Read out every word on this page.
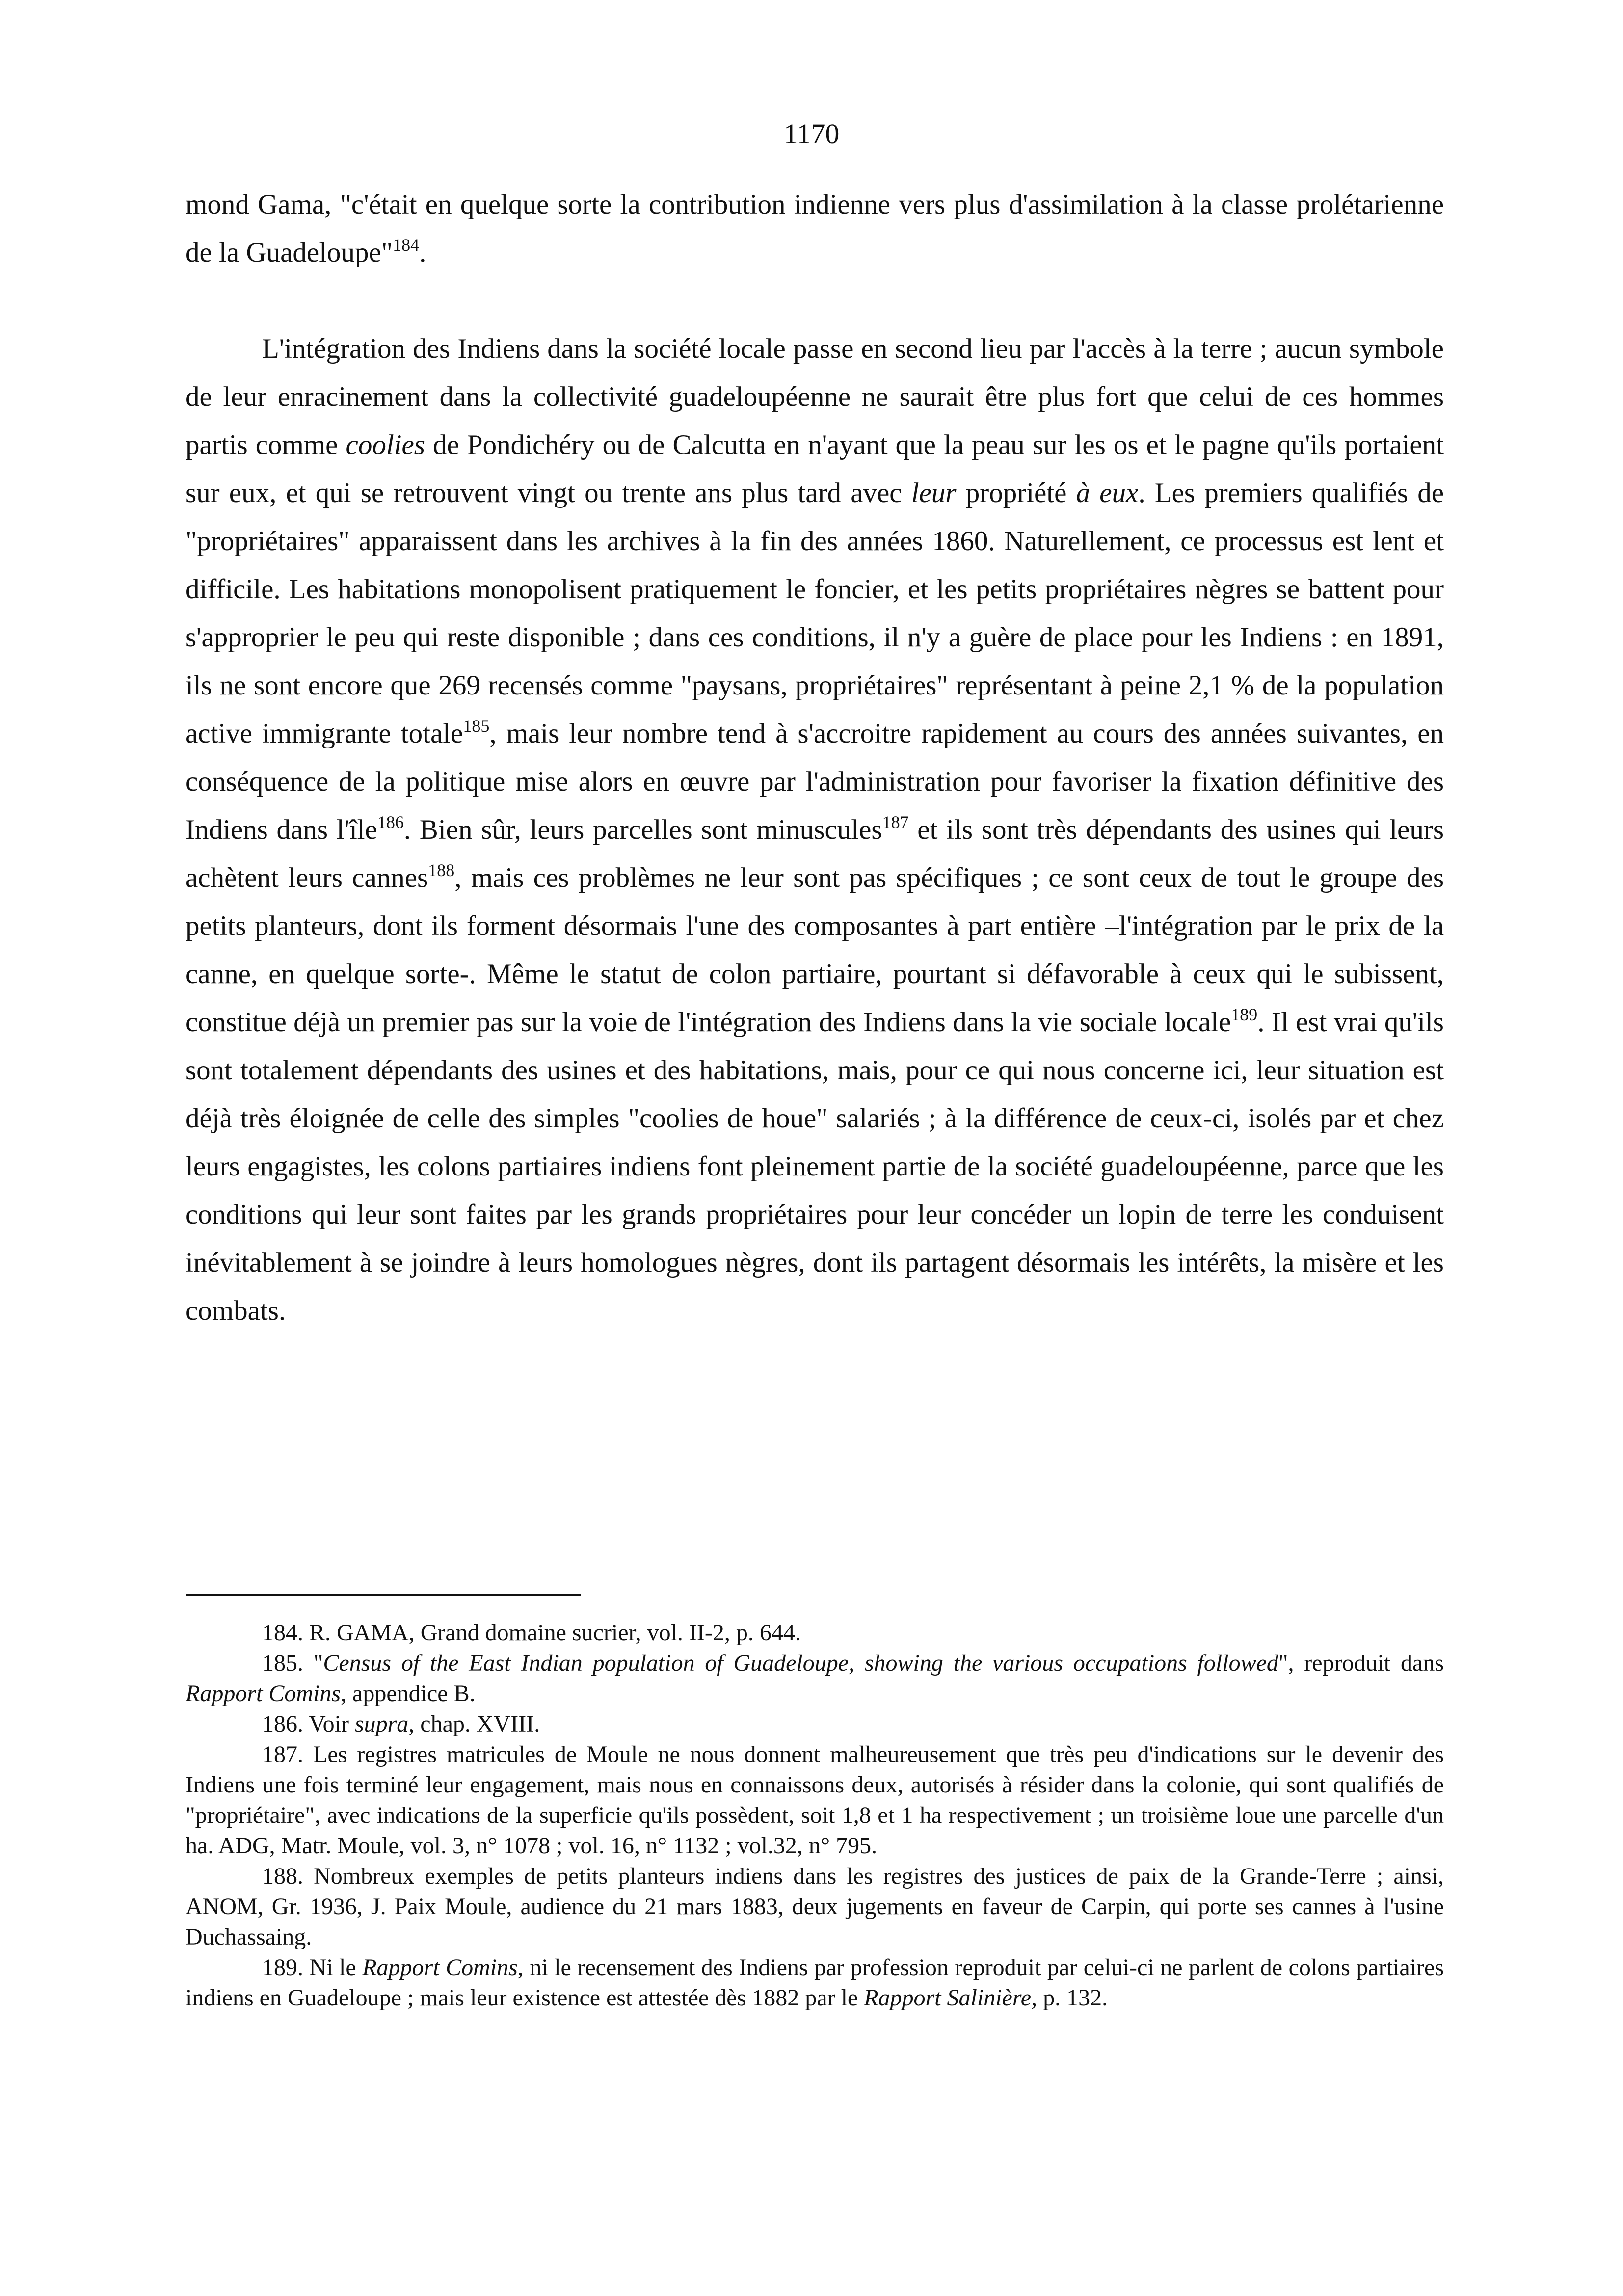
1170

mond Gama, "c'était en quelque sorte la contribution indienne vers plus d'assimilation à la classe prolétarienne de la Guadeloupe"$^{184}$.

L'intégration des Indiens dans la société locale passe en second lieu par l'accès à la terre ; aucun symbole de leur enracinement dans la collectivité guadeloupéenne ne saurait être plus fort que celui de ces hommes partis comme coolies de Pondichéry ou de Calcutta en n'ayant que la peau sur les os et le pagne qu'ils portaient sur eux, et qui se retrouvent vingt ou trente ans plus tard avec leur propriété à eux. Les premiers qualifiés de "propriétaires" apparaissent dans les archives à la fin des années 1860. Naturellement, ce processus est lent et difficile. Les habitations monopolisent pratiquement le foncier, et les petits propriétaires nègres se battent pour s'approprier le peu qui reste disponible ; dans ces conditions, il n'y a guère de place pour les Indiens : en 1891, ils ne sont encore que 269 recensés comme "paysans, propriétaires" représentant à peine 2,1 % de la population active immigrante totale$^{185}$, mais leur nombre tend à s'accroitre rapidement au cours des années suivantes, en conséquence de la politique mise alors en œuvre par l'administration pour favoriser la fixation définitive des Indiens dans l'île$^{186}$. Bien sûr, leurs parcelles sont minuscules$^{187}$ et ils sont très dépendants des usines qui leurs achètent leurs cannes$^{188}$, mais ces problèmes ne leur sont pas spécifiques ; ce sont ceux de tout le groupe des petits planteurs, dont ils forment désormais l'une des composantes à part entière –l'intégration par le prix de la canne, en quelque sorte-. Même le statut de colon partiaire, pourtant si défavorable à ceux qui le subissent, constitue déjà un premier pas sur la voie de l'intégration des Indiens dans la vie sociale locale$^{189}$. Il est vrai qu'ils sont totalement dépendants des usines et des habitations, mais, pour ce qui nous concerne ici, leur situation est déjà très éloignée de celle des simples "coolies de houe" salariés ; à la différence de ceux-ci, isolés par et chez leurs engagistes, les colons partiaires indiens font pleinement partie de la société guadeloupéenne, parce que les conditions qui leur sont faites par les grands propriétaires pour leur concéder un lopin de terre les conduisent inévitablement à se joindre à leurs homologues nègres, dont ils partagent désormais les intérêts, la misère et les combats.

184. R. GAMA, Grand domaine sucrier, vol. II-2, p. 644.

185. "Census of the East Indian population of Guadeloupe, showing the various occupations followed", reproduit dans Rapport Comins, appendice B.

186. Voir supra, chap. XVIII.

187. Les registres matricules de Moule ne nous donnent malheureusement que très peu d'indications sur le devenir des Indiens une fois terminé leur engagement, mais nous en connaissons deux, autorisés à résider dans la colonie, qui sont qualifiés de "propriétaire", avec indications de la superficie qu'ils possèdent, soit 1,8 et 1 ha respectivement ; un troisième loue une parcelle d'un ha. ADG, Matr. Moule, vol. 3, n° 1078 ; vol. 16, n° 1132 ; vol.32, n° 795.

188. Nombreux exemples de petits planteurs indiens dans les registres des justices de paix de la Grande-Terre ; ainsi, ANOM, Gr. 1936, J. Paix Moule, audience du 21 mars 1883, deux jugements en faveur de Carpin, qui porte ses cannes à l'usine Duchassaing.

189. Ni le Rapport Comins, ni le recensement des Indiens par profession reproduit par celui-ci ne parlent de colons partiaires indiens en Guadeloupe ; mais leur existence est attestée dès 1882 par le Rapport Salinière, p. 132.
